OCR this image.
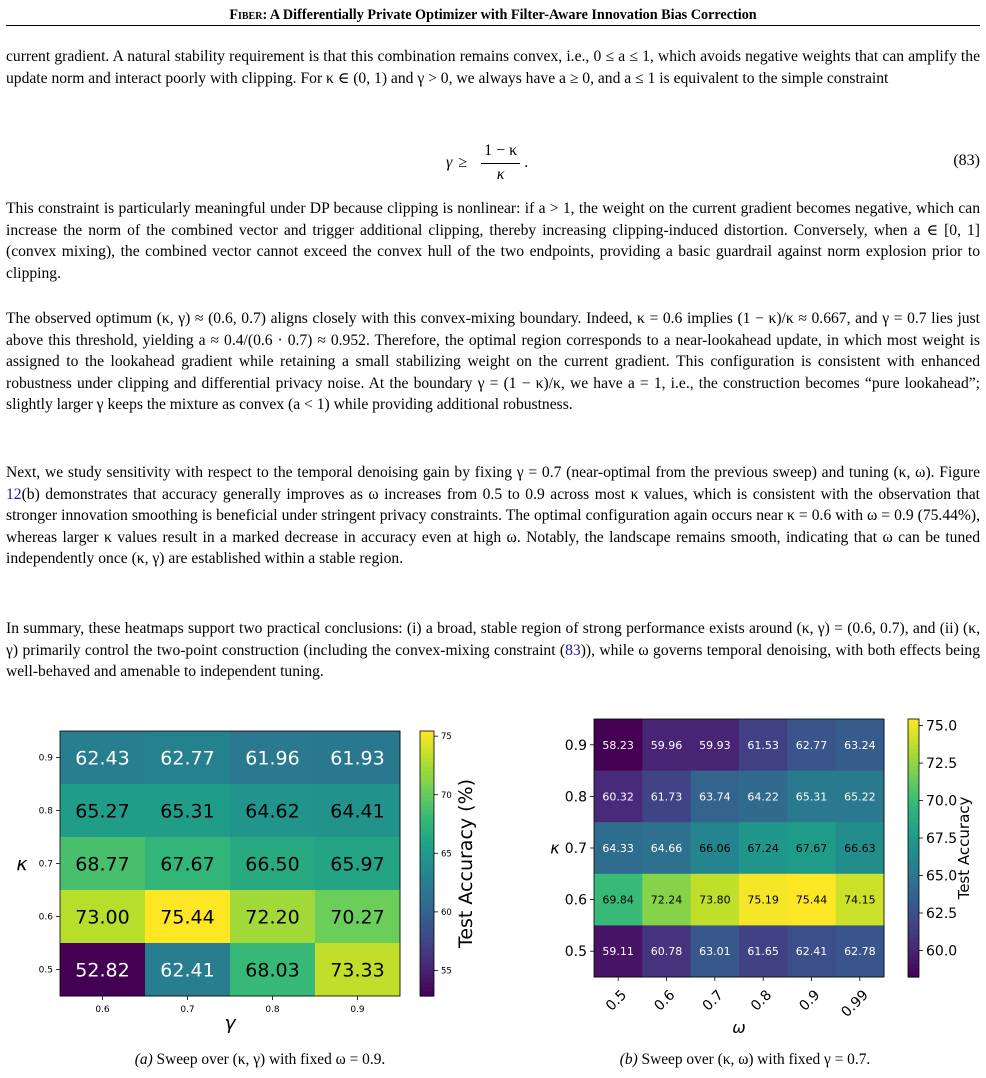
Fiber: A Differentially Private Optimizer with Filter-Aware Innovation Bias Correction

current gradient. A natural stability requirement is that this combination remains convex, i.e., 0 ≤ a ≤ 1, which avoids negative weights that can amplify the update norm and interact poorly with clipping. For κ ∈ (0, 1) and γ > 0, we always have a ≥ 0, and a ≤ 1 is equivalent to the simple constraint

$\gamma \ge \frac{1 - \kappa}{\kappa}$ .	(83)

This constraint is particularly meaningful under DP because clipping is nonlinear: if a > 1, the weight on the current gradient becomes negative, which can increase the norm of the combined vector and trigger additional clipping, thereby increasing clipping-induced distortion. Conversely, when a ∈ [0, 1] (convex mixing), the combined vector cannot exceed the convex hull of the two endpoints, providing a basic guardrail against norm explosion prior to clipping.

The observed optimum (κ, γ) ≈ (0.6, 0.7) aligns closely with this convex-mixing boundary. Indeed, κ = 0.6 implies (1 − κ)/κ ≈ 0.667, and γ = 0.7 lies just above this threshold, yielding a ≈ 0.4/(0.6 · 0.7) ≈ 0.952. Therefore, the optimal region corresponds to a near-lookahead update, in which most weight is assigned to the lookahead gradient while retaining a small stabilizing weight on the current gradient. This configuration is consistent with enhanced robustness under clipping and differential privacy noise. At the boundary γ = (1 − κ)/κ, we have a = 1, i.e., the construction becomes “pure lookahead”; slightly larger γ keeps the mixture as convex (a < 1) while providing additional robustness.

Next, we study sensitivity with respect to the temporal denoising gain by fixing γ = 0.7 (near-optimal from the previous sweep) and tuning (κ, ω). Figure 12(b) demonstrates that accuracy generally improves as ω increases from 0.5 to 0.9 across most κ values, which is consistent with the observation that stronger innovation smoothing is beneficial under stringent privacy constraints. The optimal configuration again occurs near κ = 0.6 with ω = 0.9 (75.44%), whereas larger κ values result in a marked decrease in accuracy even at high ω. Notably, the landscape remains smooth, indicating that ω can be tuned independently once (κ, γ) are established within a stable region.

In summary, these heatmaps support two practical conclusions: (i) a broad, stable region of strong performance exists around (κ, γ) = (0.6, 0.7), and (ii) (κ, γ) primarily control the two-point construction (including the convex-mixing constraint (83)), while ω governs temporal denoising, with both effects being well-behaved and amenable to independent tuning.

62.43 62.77 61.96 61.93
65.27 65.31 64.62 64.41
68.77 67.67 66.50 65.97
73.00 75.44 72.20 70.27
52.82 62.41 68.03 73.33
0.9
0.8
0.7
0.6
0.5
0.6	0.7	0.8	0.9
γ
κ
55
60
65
70
75
Test Accuracy (%)
(a) Sweep over (κ, γ) with fixed ω = 0.9.
58.23 59.96 59.93 61.53 62.77 63.24
60.32 61.73 63.74 64.22 65.31 65.22
64.33 64.66 66.06 67.24 67.67 66.63
69.84 72.24 73.80 75.19 75.44 74.15
59.11 60.78 63.01 61.65 62.41 62.78
0.9
0.8
0.7
0.6
0.5
0.5 0.6 0.7 0.8 0.9 0.99
ω
κ
60.0
62.5
65.0
67.5
70.0
72.5
75.0
Test Accuracy
(b) Sweep over (κ, ω) with fixed γ = 0.7.
